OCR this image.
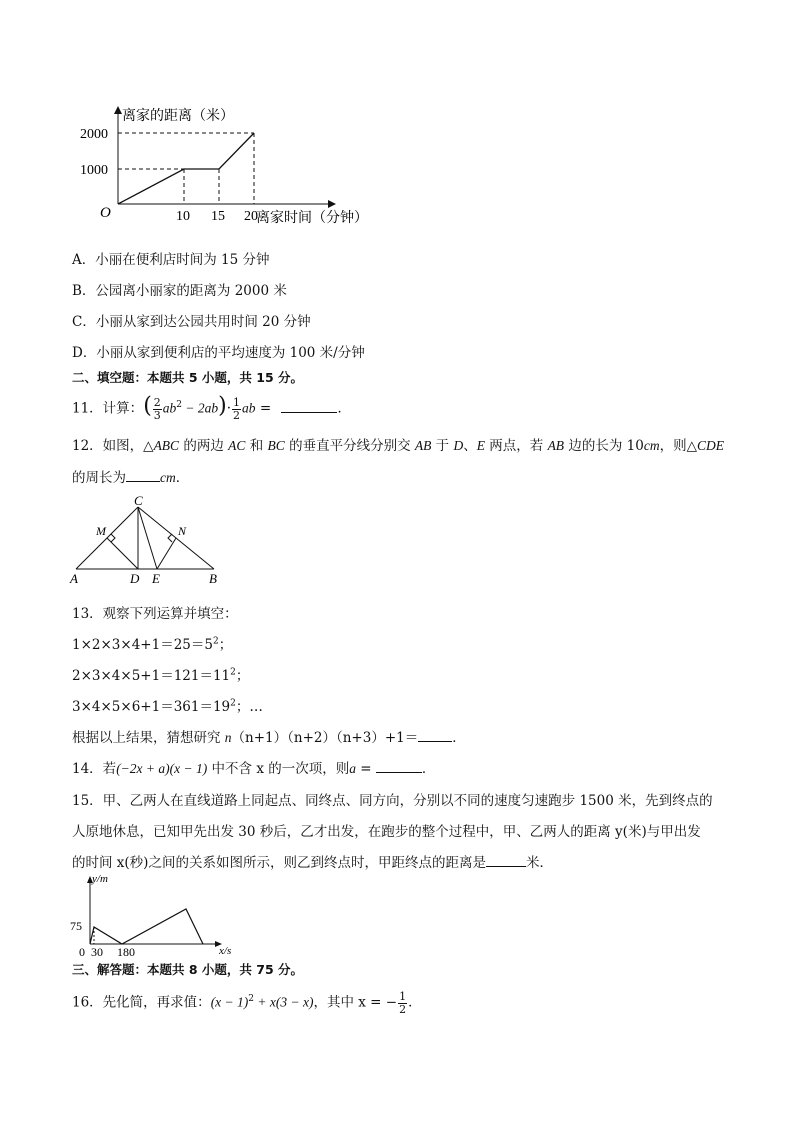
离家的距离（米）
2000
1000
O	10 15 20
离家时间（分钟）
A．小丽在便利店时间为 15 分钟
B．公园离小丽家的距离为 2000 米
C．小丽从家到达公园共用时间 20 分钟
D．小丽从家到便利店的平均速度为 100 米/分钟
二、填空题：本题共 5 小题，共 15 分。
11．计算：( $\frac{2}{3} ab^2 - 2ab)\cdot \frac{1}{2}$ ab =	．
12．如图，△ABC 的两边 AC 和 BC 的垂直平分线分别交 AB 于 D、E 两点，若 AB 边的长为 10cm，则△CDE
的周长为	cm．
C
M	N
A	D E	B
13．观察下列运算并填空：
$1\times 2\times 3\times 4+1=25=5^2$；
$2\times 3\times 4\times 5+1=121=11^2$；
$3\times 4\times 5\times 6+1=361=19^2$；…
根据以上结果，猜想研究 n（n+1）（n+2）（n+3）+1＝	．
14．若(−2x + a)(x − 1) 中不含 x 的一次项，则a =	．
15．甲、乙两人在直线道路上同起点、同终点、同方向，分别以不同的速度匀速跑步 1500 米，先到终点的
人原地休息，已知甲先出发 30 秒后，乙才出发，在跑步的整个过程中，甲、乙两人的距离 y(米)与甲出发
的时间 x(秒)之间的关系如图所示，则乙到终点时，甲距终点的距离是	米．
y/m
x/s
75
0 30 180
三、解答题：本题共 8 小题，共 75 分。
16．先化简，再求值：$(x - 1)^2 + x(3 - x)$，其中 x = − $\frac{1}{2}$ ．
